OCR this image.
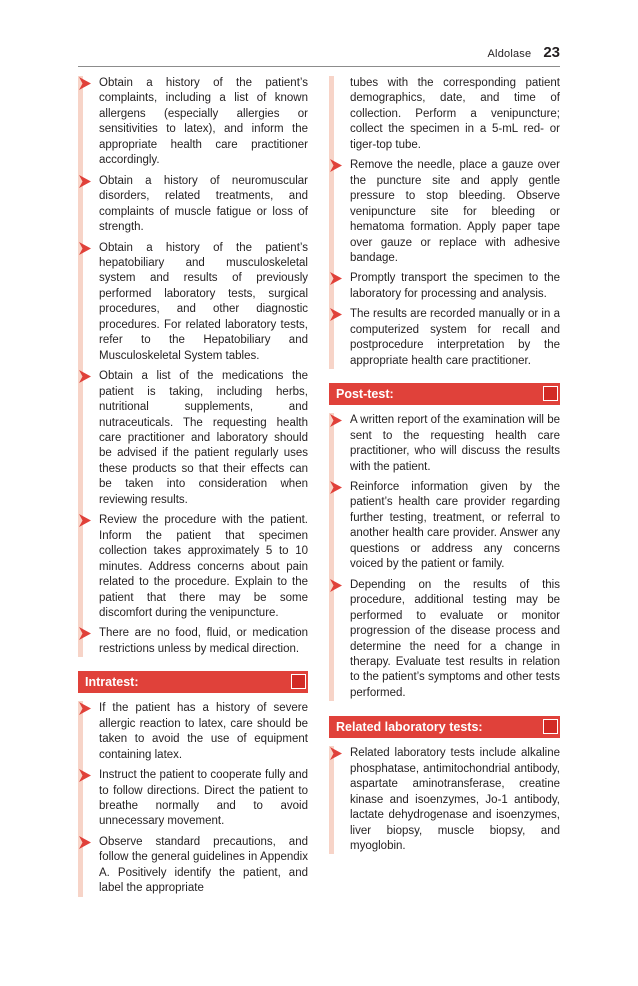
Aldolase 23
Obtain a history of the patient’s complaints, including a list of known allergens (especially allergies or sensitivities to latex), and inform the appropriate health care practitioner accordingly.
Obtain a history of neuromuscular disorders, related treatments, and complaints of muscle fatigue or loss of strength.
Obtain a history of the patient’s hepatobiliary and musculoskeletal system and results of previously performed laboratory tests, surgical procedures, and other diagnostic procedures. For related laboratory tests, refer to the Hepatobiliary and Musculoskeletal System tables.
Obtain a list of the medications the patient is taking, including herbs, nutritional supplements, and nutraceuticals. The requesting health care practitioner and laboratory should be advised if the patient regularly uses these products so that their effects can be taken into consideration when reviewing results.
Review the procedure with the patient. Inform the patient that specimen collection takes approximately 5 to 10 minutes. Address concerns about pain related to the procedure. Explain to the patient that there may be some discomfort during the venipuncture.
There are no food, fluid, or medication restrictions unless by medical direction.
Intratest:
If the patient has a history of severe allergic reaction to latex, care should be taken to avoid the use of equipment containing latex.
Instruct the patient to cooperate fully and to follow directions. Direct the patient to breathe normally and to avoid unnecessary movement.
Observe standard precautions, and follow the general guidelines in Appendix A. Positively identify the patient, and label the appropriate
tubes with the corresponding patient demographics, date, and time of collection. Perform a venipuncture; collect the specimen in a 5-mL red- or tiger-top tube.
Remove the needle, place a gauze over the puncture site and apply gentle pressure to stop bleeding. Observe venipuncture site for bleeding or hematoma formation. Apply paper tape over gauze or replace with adhesive bandage.
Promptly transport the specimen to the laboratory for processing and analysis.
The results are recorded manually or in a computerized system for recall and postprocedure interpretation by the appropriate health care practitioner.
Post-test:
A written report of the examination will be sent to the requesting health care practitioner, who will discuss the results with the patient.
Reinforce information given by the patient’s health care provider regarding further testing, treatment, or referral to another health care provider. Answer any questions or address any concerns voiced by the patient or family.
Depending on the results of this procedure, additional testing may be performed to evaluate or monitor progression of the disease process and determine the need for a change in therapy. Evaluate test results in relation to the patient’s symptoms and other tests performed.
Related laboratory tests:
Related laboratory tests include alkaline phosphatase, antimitochondrial antibody, aspartate aminotransferase, creatine kinase and isoenzymes, Jo-1 antibody, lactate dehydrogenase and isoenzymes, liver biopsy, muscle biopsy, and myoglobin.
